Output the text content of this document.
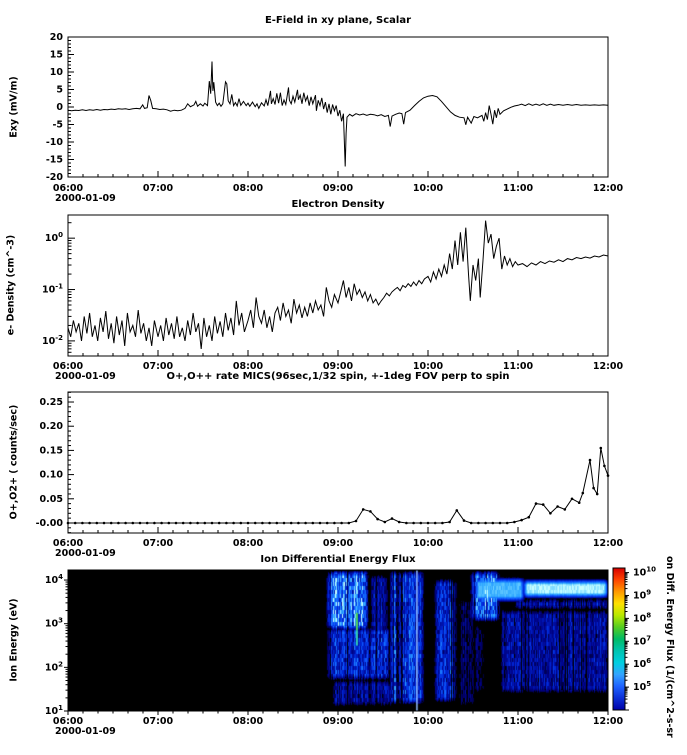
06:00	07:00	08:00	09:00	10:00	11:00	12:00
2000-01-09
20
15
10
5
0
-5
-10
-15
-20
06:00	07:00	08:00	09:00	10:00	11:00	12:00
2000-01-09
$10^0$
$10^{-1}$
$10^{-2}$
06:00	07:00	08:00	09:00	10:00	11:00	12:00
2000-01-09
0.25
0.20
0.15
0.10
0.05
-0.00
06:00	07:00	08:00	09:00	10:00	11:00	12:00
2000-01-09
$10^4$
$10^3$
$10^2$
$10^1$
$10^{10}$
$10^9$
$10^8$
$10^7$
$10^6$
$10^5$
E-Field in xy plane, Scalar
Electron Density
O+,O++ rate MICS(96sec,1/32 spin, +-1deg FOV perp to spin
Ion Differential Energy Flux
Exy (mV/m)
e- Density (cm^-3)
O+,O2+ ( counts/sec)
Ion Energy (eV)	on Diff. Energy Flux (1/(cm^2-s-sr
